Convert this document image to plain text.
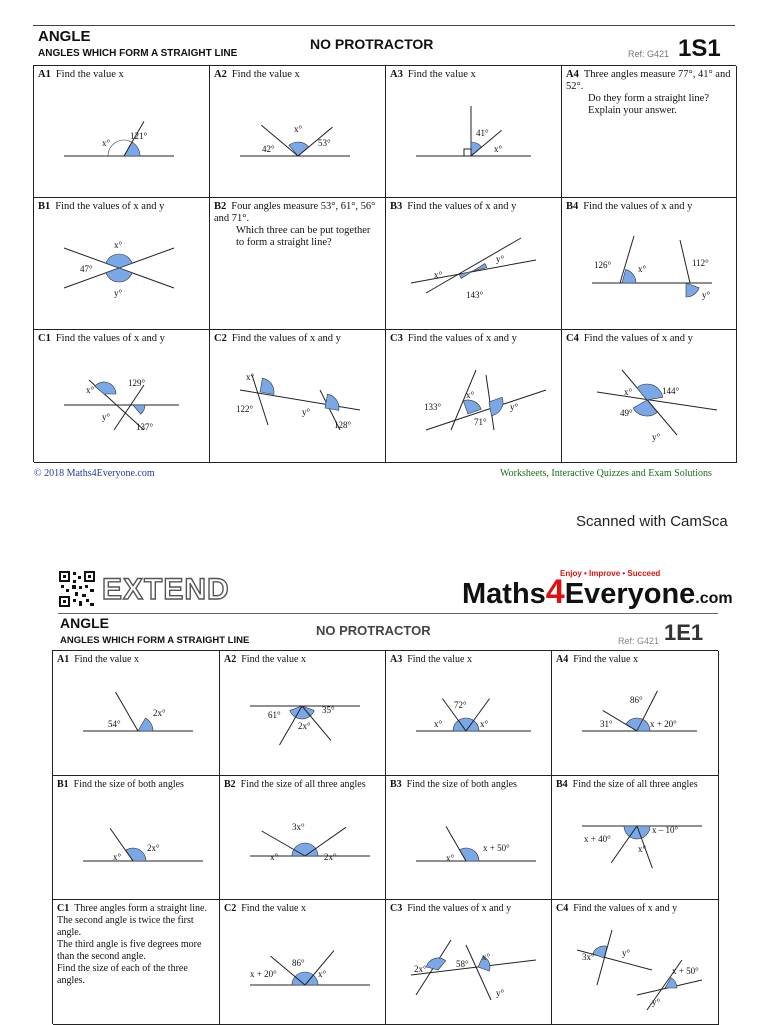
ANGLE
ANGLES WHICH FORM A STRAIGHT LINE
NO PROTRACTOR
Ref: G421 1S1
A1 Find the value x
x°
121°
A2 Find the value x
42°
x°
53°
A3 Find the value x
41°
x°
A4 Three angles measure 77°, 41° and 52°.
Do they form a straight line?
Explain your answer.
B1 Find the values of x and y
x°
47°
y°
B2 Four angles measure 53°, 61°, 56° and 71°.
Which three can be put together to form a straight line?
B3 Find the values of x and y
x°
y°
143°
B4 Find the values of x and y
126°	x°
112°
y°
C1 Find the values of x and y
x°
129°
y°
137°
C2 Find the values of x and y
x°
122°	y°
128°
C3 Find the values of x and y
133°
x°
y°
71°
C4 Find the values of x and y
x°	144°
49°
y°
© 2018 Maths4Everyone.com	Worksheets, Interactive Quizzes and Exam Solutions
Scanned with CamSca
EXTEND	Maths4Everyone.com
Enjoy • Improve • Succeed
ANGLE
ANGLES WHICH FORM A STRAIGHT LINE
NO PROTRACTOR
Ref: G421 1E1
A1 Find the value x
54°
2x°
A2 Find the value x
61°	35°
2x°
A3 Find the value x
72°
x°	x°
A4 Find the value x
86°
31°	x + 20°
B1 Find the size of both angles
x°
2x°
B2 Find the size of all three angles
3x°
x°	2x°
B3 Find the size of both angles
x°
x + 50°
B4 Find the size of all three angles
x + 40°
x – 10°
x°
C1 Three angles form a straight line.
The second angle is twice the first angle.
The third angle is five degrees more than the second angle.
Find the size of each of the three angles.
C2 Find the value x
86°
x + 20°	x°
C3 Find the values of x and y
2x°	58°
x°
y°
C4 Find the values of x and y
3x°	y°
x + 50°
y°
